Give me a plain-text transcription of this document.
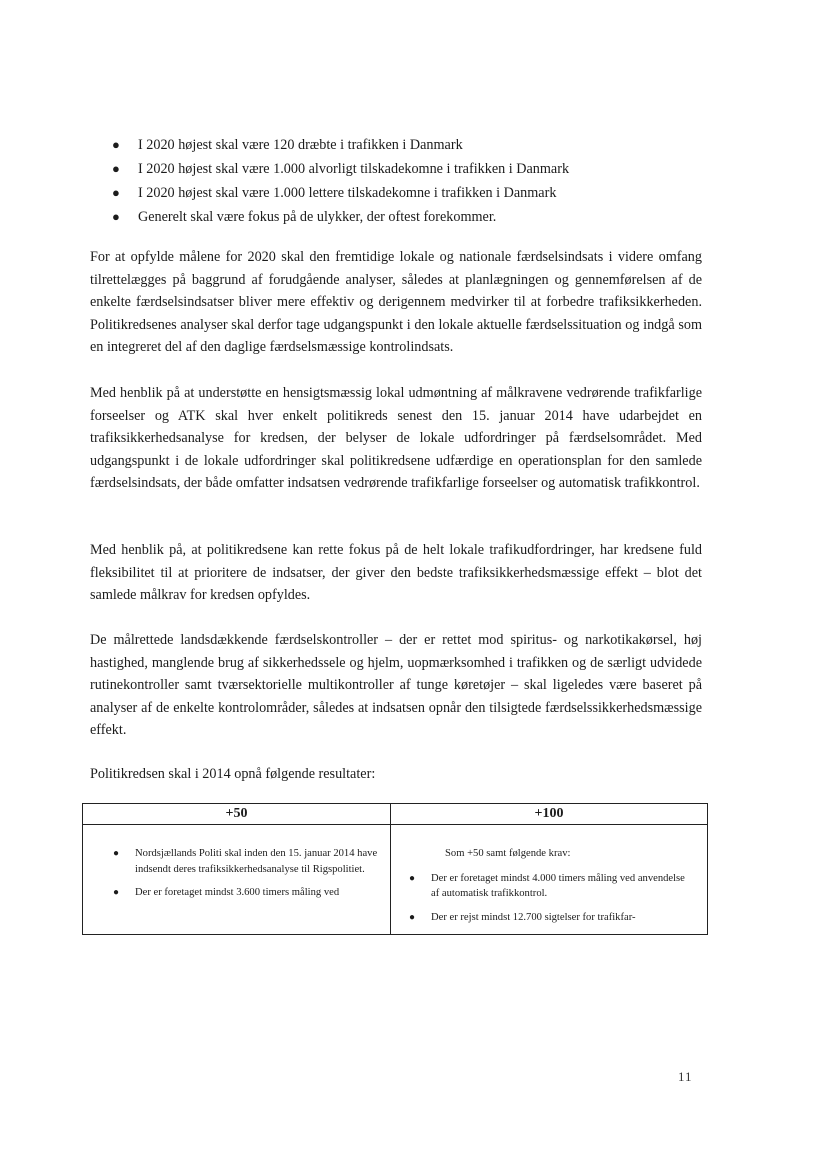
● I 2020 højest skal være 120 dræbte i trafikken i Danmark
● I 2020 højest skal være 1.000 alvorligt tilskadekomne i trafikken i Danmark
● I 2020 højest skal være 1.000 lettere tilskadekomne i trafikken i Danmark
● Generelt skal være fokus på de ulykker, der oftest forekommer.

For at opfylde målene for 2020 skal den fremtidige lokale og nationale færdselsindsats i videre omfang tilrettelægges på baggrund af forudgående analyser, således at planlægningen og gennemførelsen af de enkelte færdselsindsatser bliver mere effektiv og derigennem medvirker til at forbedre trafiksikkerheden. Politikredsenes analyser skal derfor tage udgangspunkt i den lokale aktuelle færdselssituation og indgå som en integreret del af den daglige færdselsmæssige kontrolindsats.

Med henblik på at understøtte en hensigtsmæssig lokal udmøntning af målkravene vedrørende trafikfarlige forseelser og ATK skal hver enkelt politikreds senest den 15. januar 2014 have udarbejdet en trafiksikkerhedsanalyse for kredsen, der belyser de lokale udfordringer på færdselsområdet. Med udgangspunkt i de lokale udfordringer skal politikredsene udfærdige en operationsplan for den samlede færdselsindsats, der både omfatter indsatsen vedrørende trafikfarlige forseelser og automatisk trafikkontrol.

Med henblik på, at politikredsene kan rette fokus på de helt lokale trafikudfordringer, har kredsene fuld fleksibilitet til at prioritere de indsatser, der giver den bedste trafiksikkerhedsmæssige effekt – blot det samlede målkrav for kredsen opfyldes.

De målrettede landsdækkende færdselskontroller – der er rettet mod spiritus- og narkotikakørsel, høj hastighed, manglende brug af sikkerhedssele og hjelm, uopmærksomhed i trafikken og de særligt udvidede rutinekontroller samt tværsektorielle multikontroller af tunge køretøjer – skal ligeledes være baseret på analyser af de enkelte kontrolområder, således at indsatsen opnår den tilsigtede færdselssikkerhedsmæssige effekt.

Politikredsen skal i 2014 opnå følgende resultater:

+50	+100
● Nordsjællands Politi skal inden den 15. januar 2014 have indsendt deres trafiksikkerhedsanalyse til Rigspolitiet.
● Der er foretaget mindst 3.600 timers måling ved
Som +50 samt følgende krav:
● Der er foretaget mindst 4.000 timers måling ved anvendelse af automatisk trafikkontrol.
● Der er rejst mindst 12.700 sigtelser for trafikfar-
11
